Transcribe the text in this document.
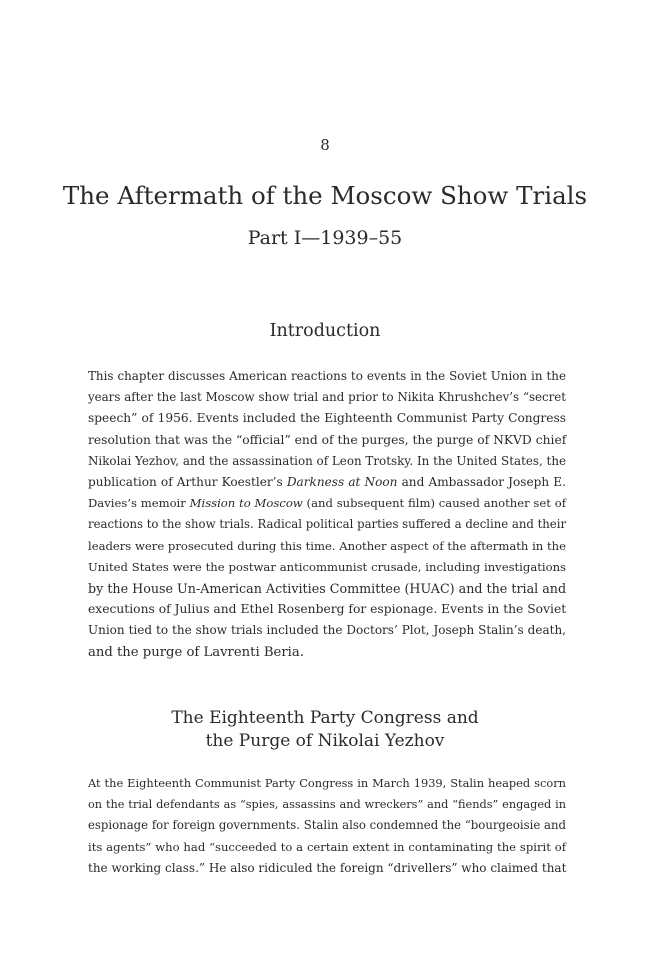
8
The Aftermath of the Moscow Show Trials
Part I—1939–55
Introduction
This chapter discusses American reactions to events in the Soviet Union in the
years after the last Moscow show trial and prior to Nikita Khrushchev’s “secret
speech” of 1956. Events included the Eighteenth Communist Party Congress
resolution that was the “official” end of the purges, the purge of NKVD chief
Nikolai Yezhov, and the assassination of Leon Trotsky. In the United States, the
publication of Arthur Koestler’s Darkness at Noon and Ambassador Joseph E.
Davies’s memoir Mission to Moscow (and subsequent film) caused another set of
reactions to the show trials. Radical political parties suffered a decline and their
leaders were prosecuted during this time. Another aspect of the aftermath in the
United States were the postwar anticommunist crusade, including investigations
by the House Un-American Activities Committee (HUAC) and the trial and
executions of Julius and Ethel Rosenberg for espionage. Events in the Soviet
Union tied to the show trials included the Doctors’ Plot, Joseph Stalin’s death,
and the purge of Lavrenti Beria.
The Eighteenth Party Congress and
the Purge of Nikolai Yezhov
At the Eighteenth Communist Party Congress in March 1939, Stalin heaped scorn
on the trial defendants as “spies, assassins and wreckers” and “fiends” engaged in
espionage for foreign governments. Stalin also condemned the “bourgeoisie and
its agents” who had “succeeded to a certain extent in contaminating the spirit of
the working class.” He also ridiculed the foreign “drivellers” who claimed that
